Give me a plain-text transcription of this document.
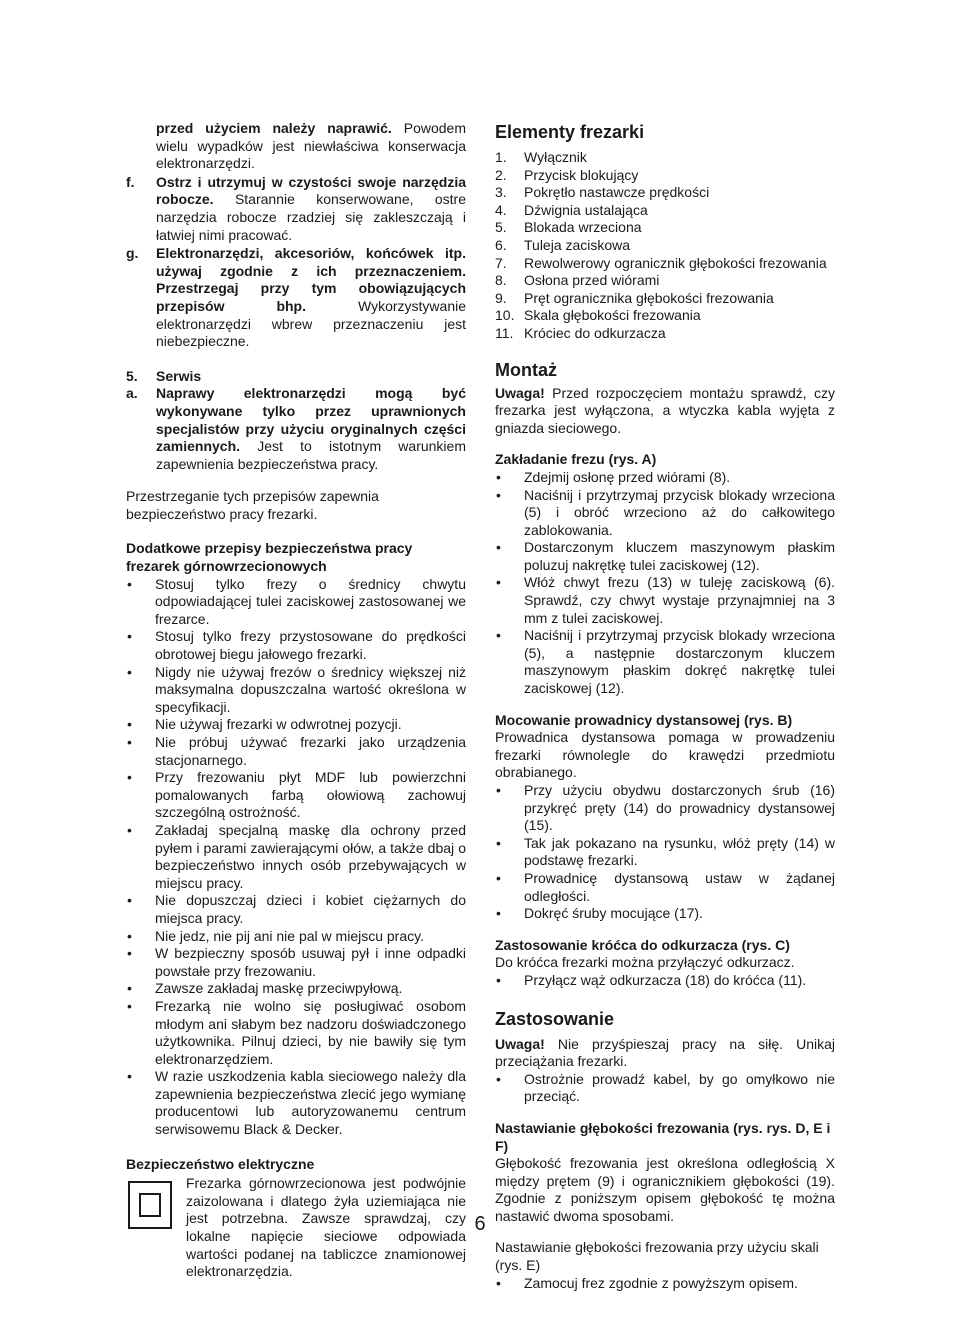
przed użyciem należy naprawić. Powodem wielu wypadków jest niewłaściwa konserwacja elektronarzędzi.

f. Ostrz i utrzymuj w czystości swoje narzędzia robocze. Starannie konserwowane, ostre narzędzia robocze rzadziej się zakleszczają i łatwiej nimi pracować.
g. Elektronarzędzi, akcesoriów, końcówek itp. używaj zgodnie z ich przeznaczeniem. Przestrzegaj przy tym obowiązujących przepisów bhp. Wykorzystywanie elektronarzędzi wbrew przeznaczeniu jest niebezpieczne.
5. Serwis
a. Naprawy elektronarzędzi mogą być wykonywane tylko przez uprawnionych specjalistów przy użyciu oryginalnych części zamiennych. Jest to istotnym warunkiem zapewnienia bezpieczeństwa pracy.

Przestrzeganie tych przepisów zapewnia bezpieczeństwo pracy frezarki.

Dodatkowe przepisy bezpieczeństwa pracy frezarek górnowrzecionowych

• Stosuj tylko frezy o średnicy chwytu odpowiadającej tulei zaciskowej zastosowanej we frezarce.
• Stosuj tylko frezy przystosowane do prędkości obrotowej biegu jałowego frezarki.
• Nigdy nie używaj frezów o średnicy większej niż maksymalna dopuszczalna wartość określona w specyfikacji.
• Nie używaj frezarki w odwrotnej pozycji.
• Nie próbuj używać frezarki jako urządzenia stacjonarnego.
• Przy frezowaniu płyt MDF lub powierzchni pomalowanych farbą ołowiową zachowuj szczególną ostrożność.
• Zakładaj specjalną maskę dla ochrony przed pyłem i parami zawierającymi ołów, a także dbaj o bezpieczeństwo innych osób przebywających w miejscu pracy.
• Nie dopuszczaj dzieci i kobiet ciężarnych do miejsca pracy.
• Nie jedz, nie pij ani nie pal w miejscu pracy.
• W bezpieczny sposób usuwaj pył i inne odpadki powstałe przy frezowaniu.
• Zawsze zakładaj maskę przeciwpyłową.
• Frezarką nie wolno się posługiwać osobom młodym ani słabym bez nadzoru doświadczonego użytkownika. Pilnuj dzieci, by nie bawiły się tym elektronarzędziem.
• W razie uszkodzenia kabla sieciowego należy dla zapewnienia bezpieczeństwa zlecić jego wymianę producentowi lub autoryzowanemu centrum serwisowemu Black & Decker.

Bezpieczeństwo elektryczne

Frezarka górnowrzecionowa jest podwójnie zaizolowana i dlatego żyła uziemiająca nie jest potrzebna. Zawsze sprawdzaj, czy lokalne napięcie sieciowe odpowiada wartości podanej na tabliczce znamionowej elektronarzędzia.

Elementy frezarki

1. Wyłącznik
2. Przycisk blokujący
3. Pokrętło nastawcze prędkości
4. Dźwignia ustalająca
5. Blokada wrzeciona
6. Tuleja zaciskowa
7. Rewolwerowy ogranicznik głębokości frezowania
8. Osłona przed wiórami
9. Pręt ogranicznika głębokości frezowania
10. Skala głębokości frezowania
11. Króciec do odkurzacza

Montaż

Uwaga! Przed rozpoczęciem montażu sprawdź, czy frezarka jest wyłączona, a wtyczka kabla wyjęta z gniazda sieciowego.

Zakładanie frezu (rys. A)

• Zdejmij osłonę przed wiórami (8).
• Naciśnij i przytrzymaj przycisk blokady wrzeciona (5) i obróć wrzeciono aż do całkowitego zablokowania.
• Dostarczonym kluczem maszynowym płaskim poluzuj nakrętkę tulei zaciskowej (12).
• Włóż chwyt frezu (13) w tuleję zaciskową (6). Sprawdź, czy chwyt wystaje przynajmniej na 3 mm z tulei zaciskowej.
• Naciśnij i przytrzymaj przycisk blokady wrzeciona (5), a następnie dostarczonym kluczem maszynowym płaskim dokręć nakrętkę tulei zaciskowej (12).

Mocowanie prowadnicy dystansowej (rys. B)

Prowadnica dystansowa pomaga w prowadzeniu frezarki równolegle do krawędzi przedmiotu obrabianego.

• Przy użyciu obydwu dostarczonych śrub (16) przykręć pręty (14) do prowadnicy dystansowej (15).
• Tak jak pokazano na rysunku, włóż pręty (14) w podstawę frezarki.
• Prowadnicę dystansową ustaw w żądanej odległości.
• Dokręć śruby mocujące (17).

Zastosowanie króćca do odkurzacza (rys. C)

Do króćca frezarki można przyłączyć odkurzacz.

• Przyłącz wąż odkurzacza (18) do króćca (11).

Zastosowanie

Uwaga! Nie przyśpieszaj pracy na siłę. Unikaj przeciążania frezarki.

• Ostrożnie prowadź kabel, by go omyłkowo nie przeciąć.

Nastawianie głębokości frezowania (rys. rys. D, E i F)

Głębokość frezowania jest określona odległością X między prętem (9) i ogranicznikiem głębokości (19). Zgodnie z poniższym opisem głębokość tę można nastawić dwoma sposobami.

Nastawianie głębokości frezowania przy użyciu skali (rys. E)

• Zamocuj frez zgodnie z powyższym opisem.
6
